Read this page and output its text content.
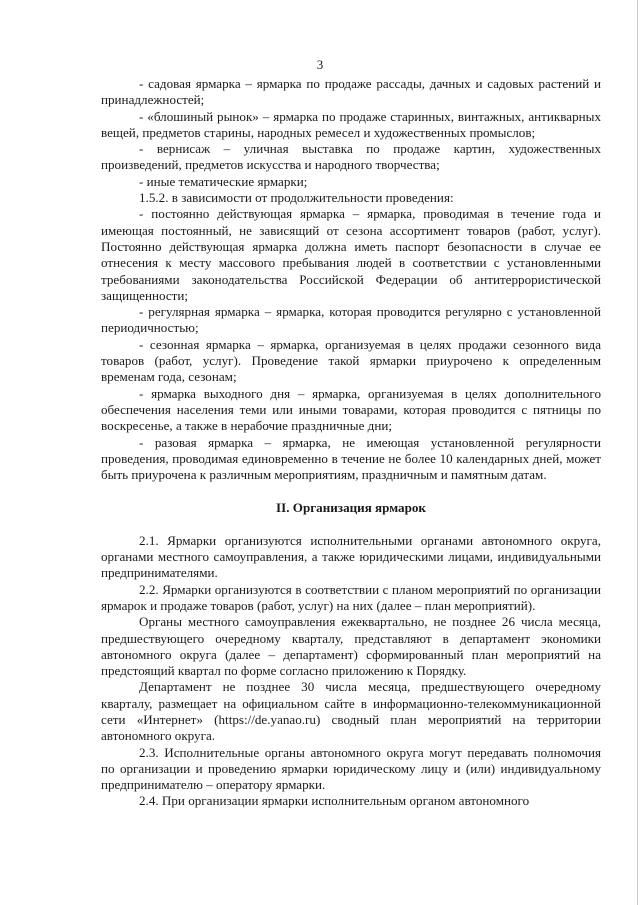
3

- садовая ярмарка – ярмарка по продаже рассады, дачных и садовых растений и принадлежностей;

- «блошиный рынок» – ярмарка по продаже старинных, винтажных, антикварных вещей, предметов старины, народных ремесел и художественных промыслов;

- вернисаж – уличная выставка по продаже картин, художественных произведений, предметов искусства и народного творчества;

- иные тематические ярмарки;

1.5.2. в зависимости от продолжительности проведения:

- постоянно действующая ярмарка – ярмарка, проводимая в течение года и имеющая постоянный, не зависящий от сезона ассортимент товаров (работ, услуг). Постоянно действующая ярмарка должна иметь паспорт безопасности в случае ее отнесения к месту массового пребывания людей в соответствии с установленными требованиями законодательства Российской Федерации об антитеррористической защищенности;

- регулярная ярмарка – ярмарка, которая проводится регулярно с установленной периодичностью;

- сезонная ярмарка – ярмарка, организуемая в целях продажи сезонного вида товаров (работ, услуг). Проведение такой ярмарки приурочено к определенным временам года, сезонам;

- ярмарка выходного дня – ярмарка, организуемая в целях дополнительного обеспечения населения теми или иными товарами, которая проводится с пятницы по воскресенье, а также в нерабочие праздничные дни;

- разовая ярмарка – ярмарка, не имеющая установленной регулярности проведения, проводимая единовременно в течение не более 10 календарных дней, может быть приурочена к различным мероприятиям, праздничным и памятным датам.

II. Организация ярмарок

2.1. Ярмарки организуются исполнительными органами автономного округа, органами местного самоуправления, а также юридическими лицами, индивидуальными предпринимателями.

2.2. Ярмарки организуются в соответствии с планом мероприятий по организации ярмарок и продаже товаров (работ, услуг) на них (далее – план мероприятий).

Органы местного самоуправления ежеквартально, не позднее 26 числа месяца, предшествующего очередному кварталу, представляют в департамент экономики автономного округа (далее – департамент) сформированный план мероприятий на предстоящий квартал по форме согласно приложению к Порядку.

Департамент не позднее 30 числа месяца, предшествующего очередному кварталу, размещает на официальном сайте в информационно-телекоммуникационной сети «Интернет» (https://de.yanao.ru) сводный план мероприятий на территории автономного округа.

2.3. Исполнительные органы автономного округа могут передавать полномочия по организации и проведению ярмарки юридическому лицу и (или) индивидуальному предпринимателю – оператору ярмарки.

2.4. При организации ярмарки исполнительным органом автономного
